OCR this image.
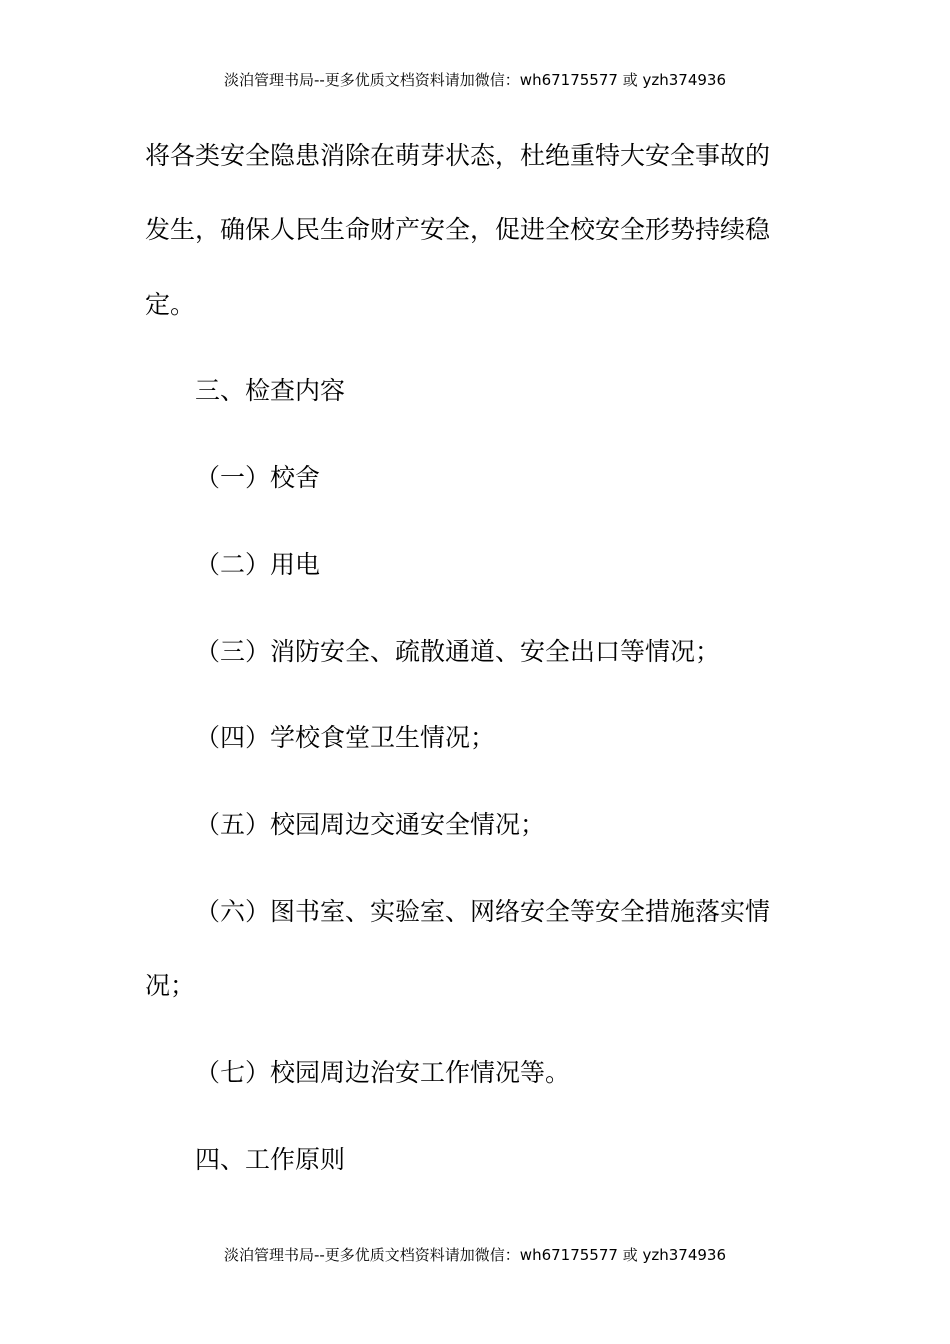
淡泊管理书局--更多优质文档资料请加微信：wh67175577 或 yzh374936
将各类安全隐患消除在萌芽状态，杜绝重特大安全事故的
发生，确保人民生命财产安全，促进全校安全形势持续稳
定。
三、检查内容
（一）校舍
（二）用电
（三）消防安全、疏散通道、安全出口等情况；
（四）学校食堂卫生情况；
（五）校园周边交通安全情况；
（六）图书室、实验室、网络安全等安全措施落实情
况；
（七）校园周边治安工作情况等。
四、工作原则
淡泊管理书局--更多优质文档资料请加微信：wh67175577 或 yzh374936
